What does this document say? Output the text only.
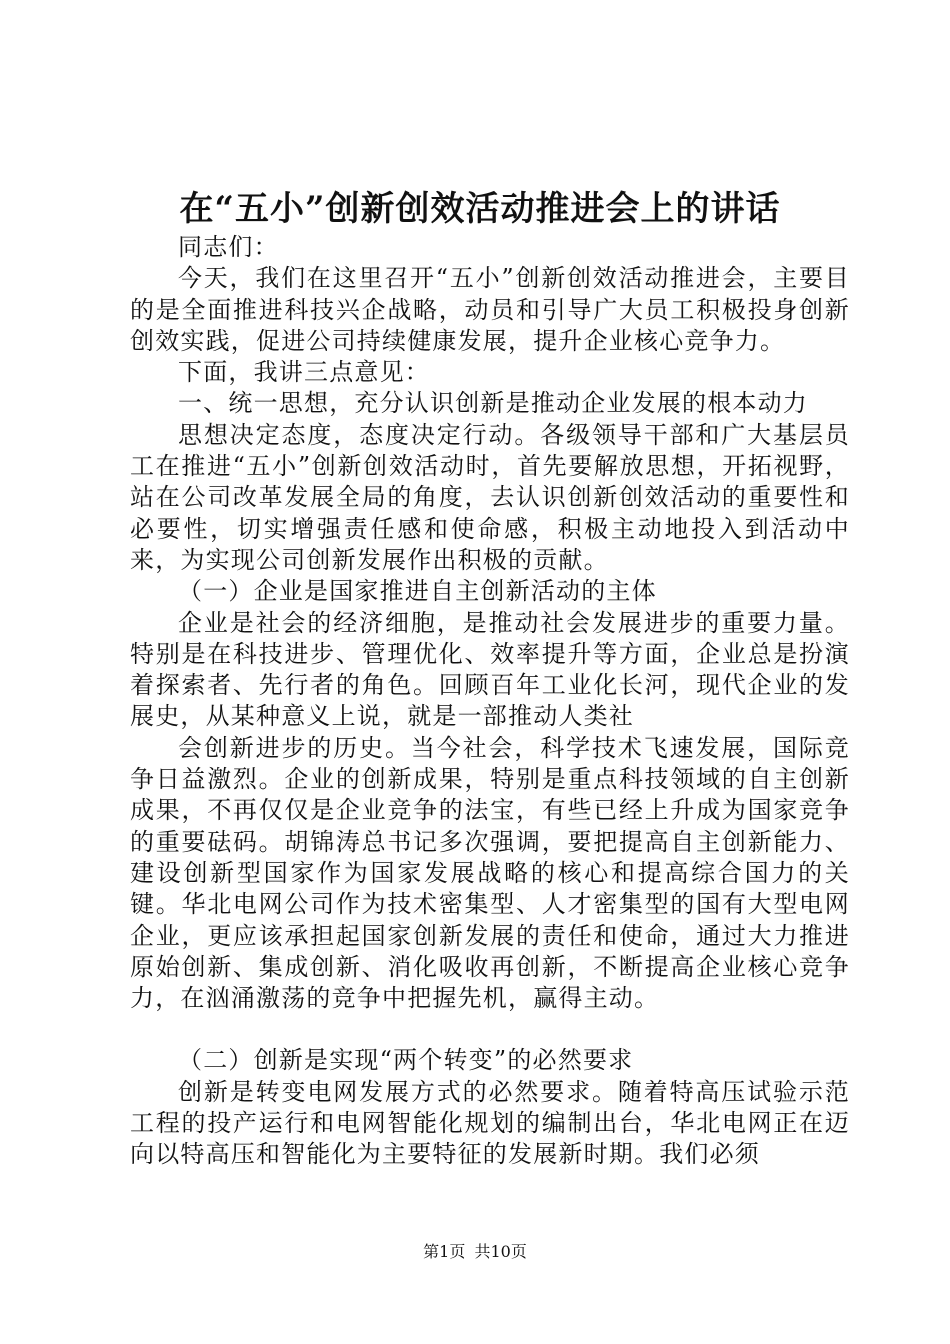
在“五小”创新创效活动推进会上的讲话

同志们：

今天，我们在这里召开“五小”创新创效活动推进会，主要目的是全面推进科技兴企战略，动员和引导广大员工积极投身创新创效实践，促进公司持续健康发展，提升企业核心竞争力。

下面，我讲三点意见：

一、统一思想，充分认识创新是推动企业发展的根本动力

思想决定态度，态度决定行动。各级领导干部和广大基层员工在推进“五小”创新创效活动时，首先要解放思想，开拓视野，站在公司改革发展全局的角度，去认识创新创效活动的重要性和必要性，切实增强责任感和使命感，积极主动地投入到活动中来，为实现公司创新发展作出积极的贡献。

（一）企业是国家推进自主创新活动的主体

企业是社会的经济细胞，是推动社会发展进步的重要力量。特别是在科技进步、管理优化、效率提升等方面，企业总是扮演着探索者、先行者的角色。回顾百年工业化长河，现代企业的发展史，从某种意义上说，就是一部推动人类社

会创新进步的历史。当今社会，科学技术飞速发展，国际竞争日益激烈。企业的创新成果，特别是重点科技领域的自主创新成果，不再仅仅是企业竞争的法宝，有些已经上升成为国家竞争的重要砝码。胡锦涛总书记多次强调，要把提高自主创新能力、建设创新型国家作为国家发展战略的核心和提高综合国力的关键。华北电网公司作为技术密集型、人才密集型的国有大型电网企业，更应该承担起国家创新发展的责任和使命，通过大力推进原始创新、集成创新、消化吸收再创新，不断提高企业核心竞争力，在汹涌激荡的竞争中把握先机，赢得主动。

（二）创新是实现“两个转变”的必然要求

创新是转变电网发展方式的必然要求。随着特高压试验示范工程的投产运行和电网智能化规划的编制出台，华北电网正在迈向以特高压和智能化为主要特征的发展新时期。我们必须

第1页 共10页
